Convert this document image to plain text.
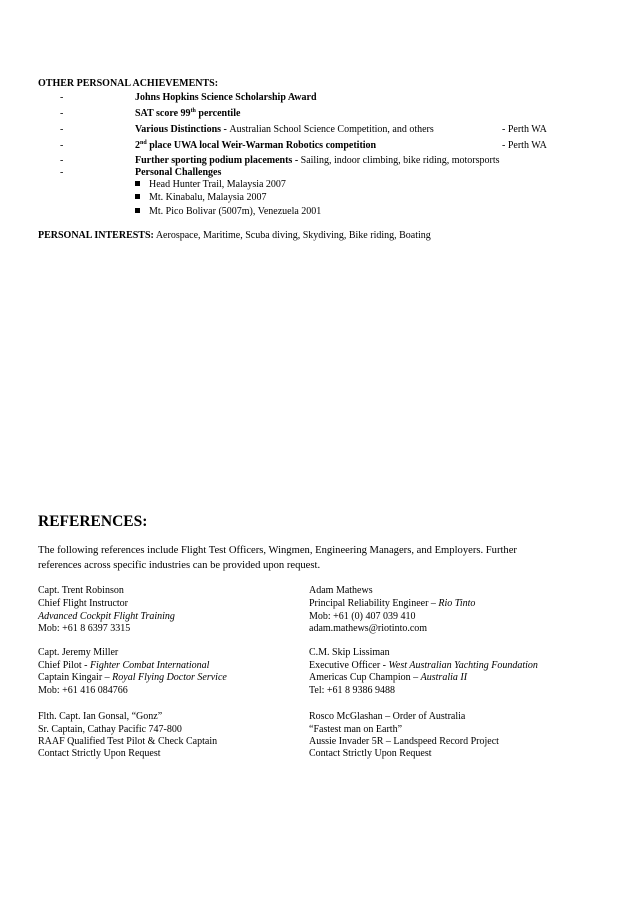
OTHER PERSONAL ACHIEVEMENTS:
-	Johns Hopkins Science Scholarship Award
-	SAT score 99th percentile
-	Various Distinctions - Australian School Science Competition, and others	- Perth WA
-	2nd place UWA local Weir-Warman Robotics competition	- Perth WA
-	Further sporting podium placements - Sailing, indoor climbing, bike riding, motorsports
-	Personal Challenges
Head Hunter Trail, Malaysia 2007
Mt. Kinabalu, Malaysia 2007
Mt. Pico Bolivar (5007m), Venezuela 2001
PERSONAL INTERESTS: Aerospace, Maritime, Scuba diving, Skydiving, Bike riding, Boating
REFERENCES:
The following references include Flight Test Officers, Wingmen, Engineering Managers, and Employers. Further
references across specific industries can be provided upon request.
Capt. Trent Robinson
Chief Flight Instructor
Advanced Cockpit Flight Training
Mob: +61 8 6397 3315
Adam Mathews
Principal Reliability Engineer – Rio Tinto
Mob: +61 (0) 407 039 410
adam.mathews@riotinto.com
Capt. Jeremy Miller
Chief Pilot - Fighter Combat International
Captain Kingair – Royal Flying Doctor Service
Mob: +61 416 084766
C.M. Skip Lissiman
Executive Officer - West Australian Yachting Foundation
Americas Cup Champion – Australia II
Tel: +61 8 9386 9488
Flth. Capt. Ian Gonsal, “Gonz”
Sr. Captain, Cathay Pacific 747-800
RAAF Qualified Test Pilot & Check Captain
Contact Strictly Upon Request
Rosco McGlashan – Order of Australia
“Fastest man on Earth”
Aussie Invader 5R – Landspeed Record Project
Contact Strictly Upon Request
